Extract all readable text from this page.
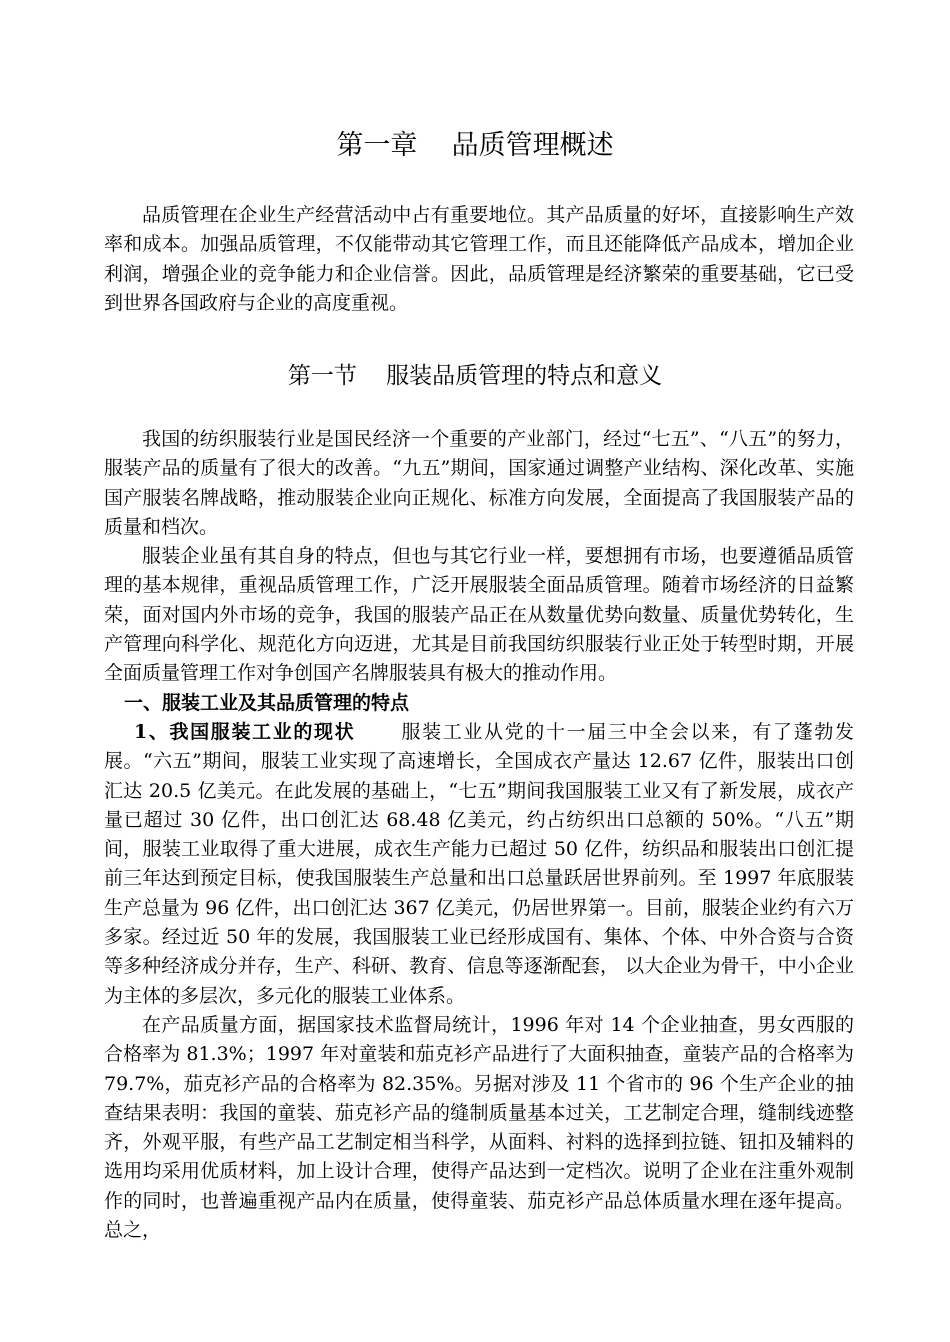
第一章    品质管理概述

品质管理在企业生产经营活动中占有重要地位。其产品质量的好坏，直接影响生产效率和成本。加强品质管理，不仅能带动其它管理工作，而且还能降低产品成本，增加企业利润，增强企业的竞争能力和企业信誉。因此，品质管理是经济繁荣的重要基础，它已受到世界各国政府与企业的高度重视。

第一节    服装品质管理的特点和意义

我国的纺织服装行业是国民经济一个重要的产业部门，经过“七五”、“八五”的努力，服装产品的质量有了很大的改善。“九五”期间，国家通过调整产业结构、深化改革、实施国产服装名牌战略，推动服装企业向正规化、标准方向发展，全面提高了我国服装产品的质量和档次。

服装企业虽有其自身的特点，但也与其它行业一样，要想拥有市场，也要遵循品质管理的基本规律，重视品质管理工作，广泛开展服装全面品质管理。随着市场经济的日益繁荣，面对国内外市场的竞争，我国的服装产品正在从数量优势向数量、质量优势转化，生产管理向科学化、规范化方向迈进，尤其是目前我国纺织服装行业正处于转型时期，开展全面质量管理工作对争创国产名牌服装具有极大的推动作用。

一、服装工业及其品质管理的特点

1、我国服装工业的现状 服装工业从党的十一届三中全会以来，有了蓬勃发展。“六五”期间，服装工业实现了高速增长，全国成衣产量达 12.67 亿件，服装出口创汇达 20.5 亿美元。在此发展的基础上，“七五”期间我国服装工业又有了新发展，成衣产量已超过 30 亿件，出口创汇达 68.48 亿美元，约占纺织出口总额的 50%。“八五”期间，服装工业取得了重大进展，成衣生产能力已超过 50 亿件，纺织品和服装出口创汇提前三年达到预定目标，使我国服装生产总量和出口总量跃居世界前列。至 1997 年底服装生产总量为 96 亿件，出口创汇达 367 亿美元，仍居世界第一。目前，服装企业约有六万多家。经过近 50 年的发展，我国服装工业已经形成国有、集体、个体、中外合资与合资等多种经济成分并存，生产、科研、教育、信息等逐渐配套， 以大企业为骨干，中小企业为主体的多层次，多元化的服装工业体系。

在产品质量方面，据国家技术监督局统计，1996 年对 14 个企业抽查，男女西服的合格率为 81.3%；1997 年对童装和茄克衫产品进行了大面积抽查，童装产品的合格率为 79.7%，茄克衫产品的合格率为 82.35%。另据对涉及 11 个省市的 96 个生产企业的抽查结果表明：我国的童装、茄克衫产品的缝制质量基本过关，工艺制定合理，缝制线迹整齐，外观平服，有些产品工艺制定相当科学，从面料、衬料的选择到拉链、钮扣及辅料的选用均采用优质材料，加上设计合理，使得产品达到一定档次。说明了企业在注重外观制作的同时，也普遍重视产品内在质量，使得童装、茄克衫产品总体质量水理在逐年提高。总之，
